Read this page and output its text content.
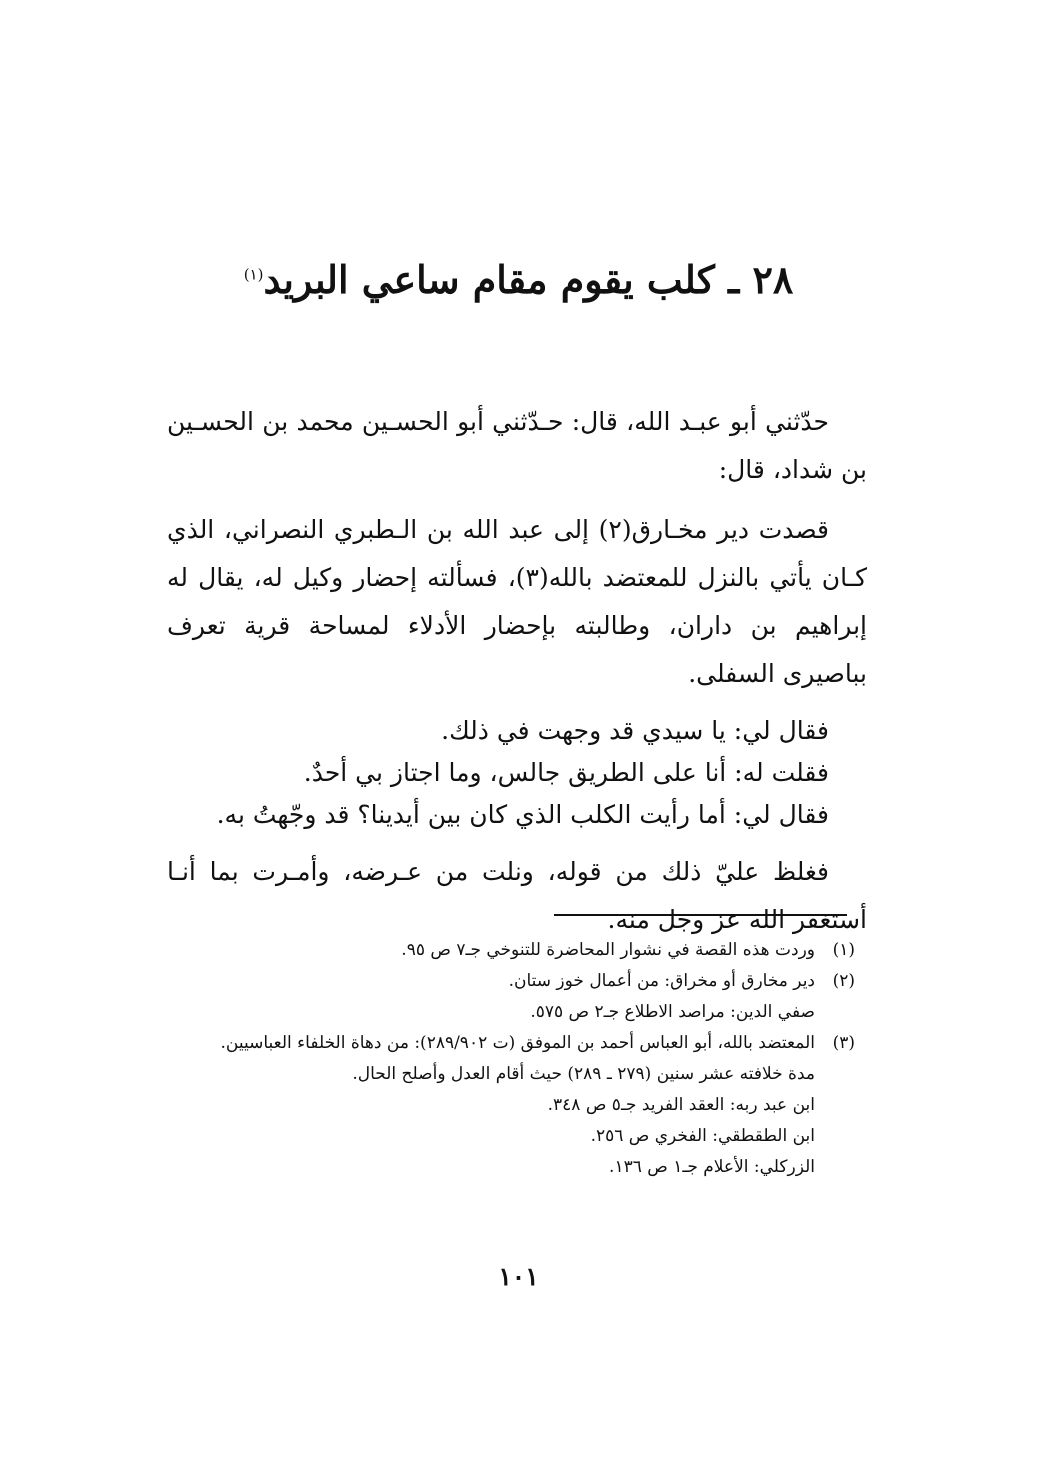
٢٨ ـ كلب يقوم مقام ساعي البريد$^{(١)}$

حدّثني أبو عبـد الله، قال: حـدّثني أبو الحسـين محمد بن الحسـين بن شداد، قال:

قصدت دير مخـارق(٢) إلى عبد الله بن الـطبري النصراني، الذي كـان يأتي بالنزل للمعتضد بالله(٣)، فسألته إحضار وكيل له، يقال له إبراهيم بن داران، وطالبته بإحضار الأدلاء لمساحة قرية تعرف بباصيرى السفلى.

فقال لي: يا سيدي قد وجهت في ذلك.
فقلت له: أنا على الطريق جالس، وما اجتاز بي أحدٌ.
فقال لي: أما رأيت الكلب الذي كان بين أيدينا؟ قد وجّهتُ به.

فغلظ عليّ ذلك من قوله، ونلت من عـرضه، وأمـرت بما أنـا أستغفر الله عز وجل منه.

(١)
وردت هذه القصة في نشوار المحاضرة للتنوخي جـ٧ ص ٩٥.
(٢)
دير مخارق أو مخراق: من أعمال خوز ستان.
صفي الدين: مراصد الاطلاع جـ٢ ص ٥٧٥.
(٣)
المعتضد بالله، أبو العباس أحمد بن الموفق (ت ٢٨٩/٩٠٢): من دهاة الخلفاء العباسيين.
مدة خلافته عشر سنين (٢٧٩ ـ ٢٨٩) حيث أقام العدل وأصلح الحال.
ابن عبد ربه: العقد الفريد جـ٥ ص ٣٤٨.
ابن الطقطقي: الفخري ص ٢٥٦.
الزركلي: الأعلام جـ١ ص ١٣٦.
١٠١
